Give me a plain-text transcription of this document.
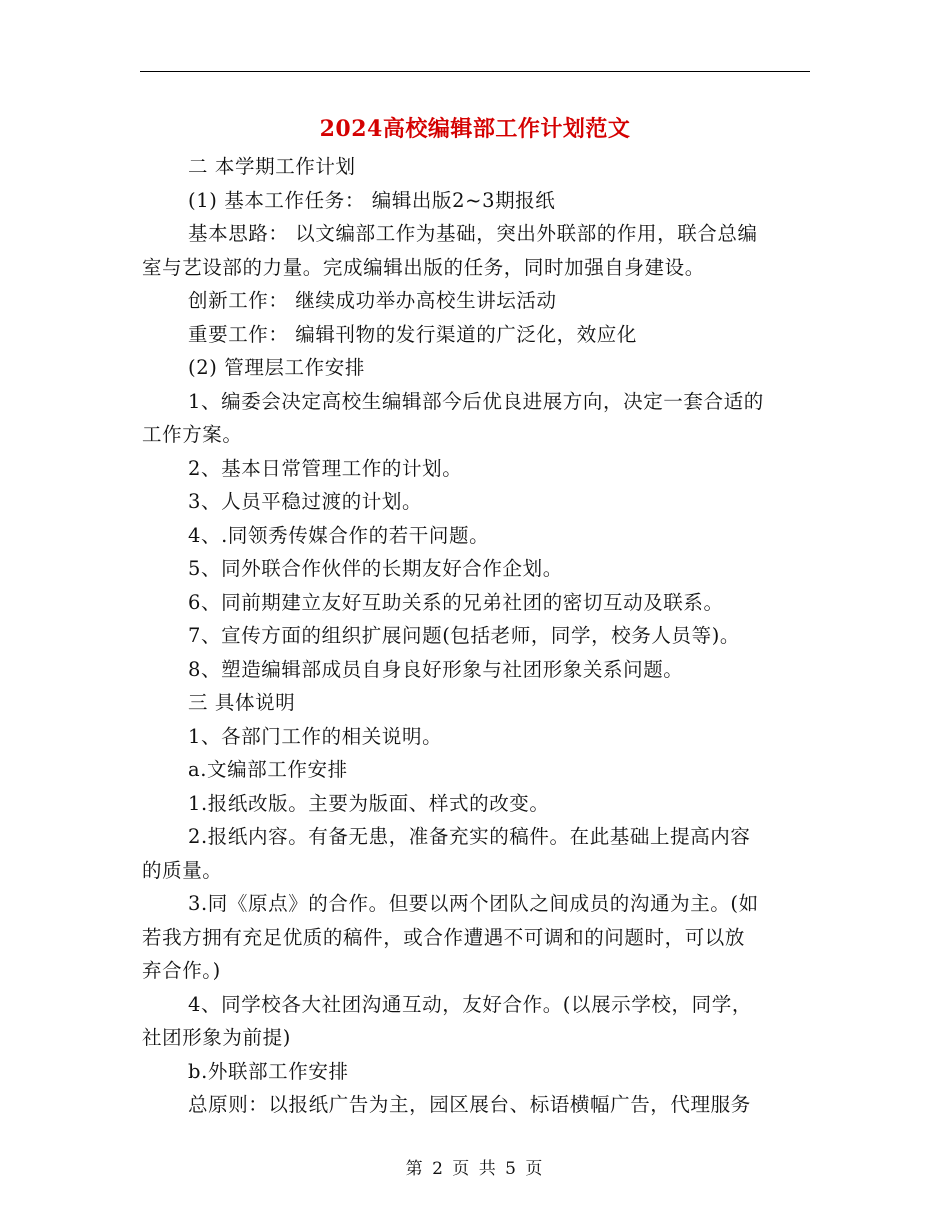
2024高校编辑部工作计划范文
二 本学期工作计划
(1) 基本工作任务： 编辑出版2~3期报纸
基本思路： 以文编部工作为基础，突出外联部的作用，联合总编
室与艺设部的力量。完成编辑出版的任务，同时加强自身建设。
创新工作： 继续成功举办高校生讲坛活动
重要工作： 编辑刊物的发行渠道的广泛化，效应化
(2) 管理层工作安排
1、编委会决定高校生编辑部今后优良进展方向，决定一套合适的
工作方案。
2、基本日常管理工作的计划。
3、人员平稳过渡的计划。
4、.同领秀传媒合作的若干问题。
5、同外联合作伙伴的长期友好合作企划。
6、同前期建立友好互助关系的兄弟社团的密切互动及联系。
7、宣传方面的组织扩展问题(包括老师，同学，校务人员等)。
8、塑造编辑部成员自身良好形象与社团形象关系问题。
三 具体说明
1、各部门工作的相关说明。
a.文编部工作安排
1.报纸改版。主要为版面、样式的改变。
2.报纸内容。有备无患，准备充实的稿件。在此基础上提高内容
的质量。
3.同《原点》的合作。但要以两个团队之间成员的沟通为主。(如
若我方拥有充足优质的稿件，或合作遭遇不可调和的问题时，可以放
弃合作。)
4、同学校各大社团沟通互动，友好合作。(以展示学校，同学，
社团形象为前提)
b.外联部工作安排
总原则：以报纸广告为主，园区展台、标语横幅广告，代理服务
第 2 页 共 5 页
